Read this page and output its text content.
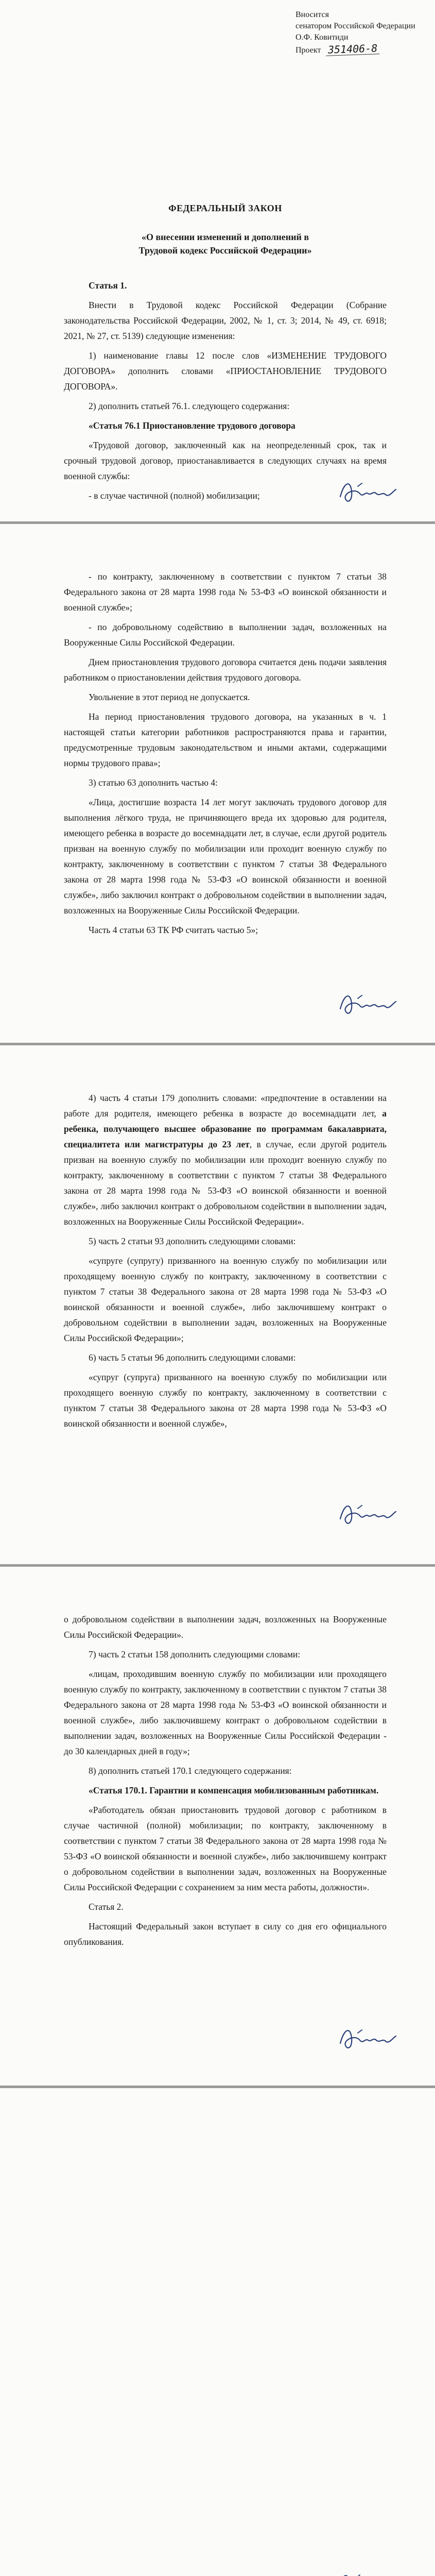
Вносится
сенатором Российской Федерации
О.Ф. Ковитиди
Проект 351406-8

ФЕДЕРАЛЬНЫЙ ЗАКОН

«О внесении изменений и дополнений в
Трудовой кодекс Российской Федерации»

Статья 1.

Внести в Трудовой кодекс Российской Федерации (Собрание законодательства Российской Федерации, 2002, № 1, ст. 3; 2014, № 49, ст. 6918; 2021, № 27, ст. 5139) следующие изменения:

1) наименование главы 12 после слов «ИЗМЕНЕНИЕ ТРУДОВОГО ДОГОВОРА» дополнить словами «ПРИОСТАНОВЛЕНИЕ ТРУДОВОГО ДОГОВОРА».

2) дополнить статьей 76.1. следующего содержания:

«Статья 76.1 Приостановление трудового договора

«Трудовой договор, заключенный как на неопределенный срок, так и срочный трудовой договор, приостанавливается в следующих случаях на время военной службы:

- в случае частичной (полной) мобилизации;

- по контракту, заключенному в соответствии с пунктом 7 статьи 38 Федерального закона от 28 марта 1998 года № 53-ФЗ «О воинской обязанности и военной службе»;

- по добровольному содействию в выполнении задач, возложенных на Вооруженные Силы Российской Федерации.

Днем приостановления трудового договора считается день подачи заявления работником о приостановлении действия трудового договора.

Увольнение в этот период не допускается.

На период приостановления трудового договора, на указанных в ч. 1 настоящей статьи категории работников распространяются права и гарантии, предусмотренные трудовым законодательством и иными актами, содержащими нормы трудового права»;

3) статью 63 дополнить частью 4:

«Лица, достигшие возраста 14 лет могут заключать трудового договор для выполнения лёгкого труда, не причиняющего вреда их здоровью для родителя, имеющего ребенка в возрасте до восемнадцати лет, в случае, если другой родитель призван на военную службу по мобилизации или проходит военную службу по контракту, заключенному в соответствии с пунктом 7 статьи 38 Федерального закона от 28 марта 1998 года № 53-ФЗ «О воинской обязанности и военной службе», либо заключил контракт о добровольном содействии в выполнении задач, возложенных на Вооруженные Силы Российской Федерации.

Часть 4 статьи 63 ТК РФ считать частью 5»;

4) часть 4 статьи 179 дополнить словами: «предпочтение в оставлении на работе для родителя, имеющего ребенка в возрасте до восемнадцати лет, а ребенка, получающего высшее образование по программам бакалавриата, специалитета или магистратуры до 23 лет, в случае, если другой родитель призван на военную службу по мобилизации или проходит военную службу по контракту, заключенному в соответствии с пунктом 7 статьи 38 Федерального закона от 28 марта 1998 года № 53-ФЗ «О воинской обязанности и военной службе», либо заключил контракт о добровольном содействии в выполнении задач, возложенных на Вооруженные Силы Российской Федерации».

5) часть 2 статьи 93 дополнить следующими словами:

«супруге (супругу) призванного на военную службу по мобилизации или проходящему военную службу по контракту, заключенному в соответствии с пунктом 7 статьи 38 Федерального закона от 28 марта 1998 года № 53-ФЗ «О воинской обязанности и военной службе», либо заключившему контракт о добровольном содействии в выполнении задач, возложенных на Вооруженные Силы Российской Федерации»;

6) часть 5 статьи 96 дополнить следующими словами:

«супруг (супруга) призванного на военную службу по мобилизации или проходящего военную службу по контракту, заключенному в соответствии с пунктом 7 статьи 38 Федерального закона от 28 марта 1998 года № 53-ФЗ «О воинской обязанности и военной службе»,

о добровольном содействии в выполнении задач, возложенных на Вооруженные Силы Российской Федерации».

7) часть 2 статьи 158 дополнить следующими словами:

«лицам, проходившим военную службу по мобилизации или проходящего военную службу по контракту, заключенному в соответствии с пунктом 7 статьи 38 Федерального закона от 28 марта 1998 года № 53-ФЗ «О воинской обязанности и военной службе», либо заключившему контракт о добровольном содействии в выполнении задач, возложенных на Вооруженные Силы Российской Федерации - до 30 календарных дней в году»;

8) дополнить статьей 170.1 следующего содержания:

«Статья 170.1. Гарантии и компенсация мобилизованным работникам.

«Работодатель обязан приостановить трудовой договор с работником в случае частичной (полной) мобилизации; по контракту, заключенному в соответствии с пунктом 7 статьи 38 Федерального закона от 28 марта 1998 года № 53-ФЗ «О воинской обязанности и военной службе», либо заключившему контракт о добровольном содействии в выполнении задач, возложенных на Вооруженные Силы Российской Федерации с сохранением за ним места работы, должности».

Статья 2.

Настоящий Федеральный закон вступает в силу со дня его официального опубликования.
